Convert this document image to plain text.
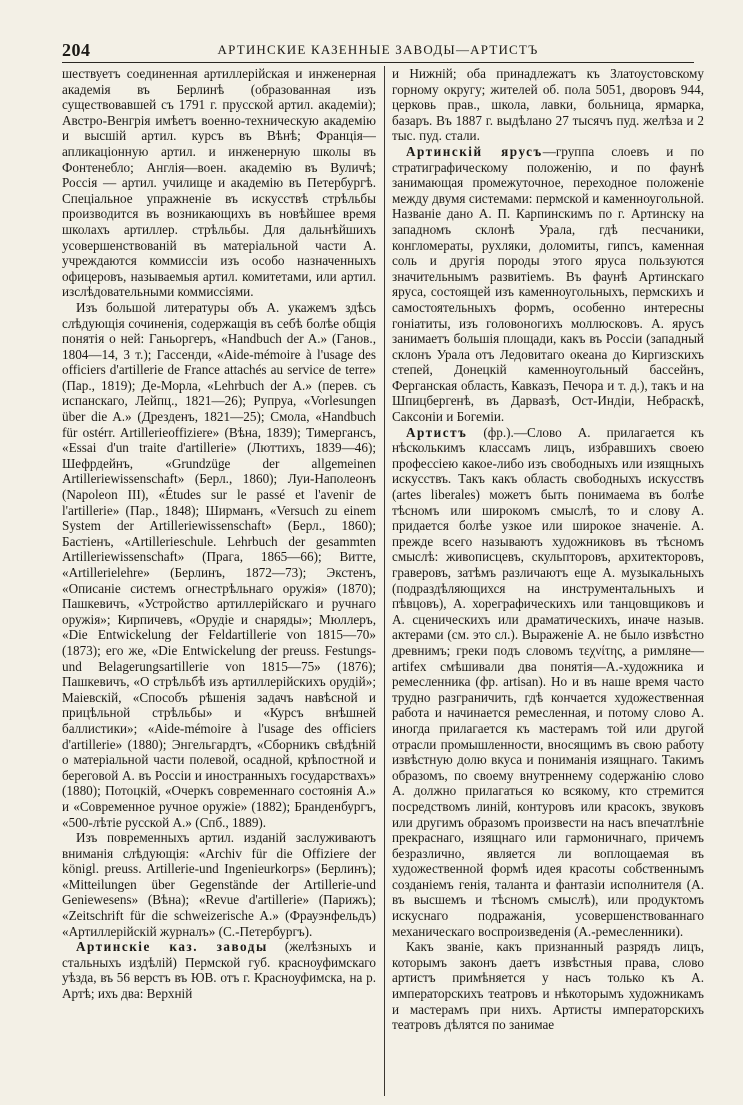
204	АРТИНСКИЕ КАЗЕННЫЕ ЗАВОДЫ—АРТИСТЪ

шествуетъ соединенная артиллерійская и инженерная академія въ Берлинѣ (образованная изъ существовавшей съ 1791 г. прусской артил. академіи); Австро-Венгрія имѣетъ военно-техническую академію и высшій артил. курсъ въ Вѣнѣ; Франція—апликаціонную артил. и инженерную школы въ Фонтенебло; Англія—воен. академію въ Вуличѣ; Россія — артил. училище и академію въ Петербургѣ. Спеціальное упражненіе въ искусствѣ стрѣльбы производится въ возникающихъ въ новѣйшее время школахъ артиллер. стрѣльбы. Для дальнѣйшихъ усовершенствованій въ матеріальной части А. учреждаются коммиссіи изъ особо назначенныхъ офицеровъ, называемыя артил. комитетами, или артил. изслѣдовательными коммиссіями.

Изъ большой литературы объ А. укажемъ здѣсь слѣдующія сочиненія, содержащія въ себѣ болѣе общія понятія о ней: Ганьоргеръ, «Handbuch der A.» (Ганов., 1804—14, 3 т.); Гассенди, «Aide-mémoire à l'usage des officiers d'artillerie de France attachés au service de terre» (Пар., 1819); Де-Морла, «Lehrbuch der A.» (перев. съ испанскаго, Лейпц., 1821—26); Рупруа, «Vorlesungen über die A.» (Дрезденъ, 1821—25); Смола, «Handbuch für ostérr. Artillerieoffiziere» (Вѣна, 1839); Тимергансъ, «Essai d'un traite d'artillerie» (Люттихъ, 1839—46); Шефрдейнъ, «Grundzüge der allgemeinen Artilleriewissenschaft» (Берл., 1860); Луи-Наполеонъ (Napoleon III), «Études sur le passé et l'avenir de l'artillerie» (Пар., 1848); Ширманъ, «Versuch zu einem System der Artilleriewissenschaft» (Берл., 1860); Бастіенъ, «Artillerieschule. Lehrbuch der gesammten Artilleriewissenschaft» (Прага, 1865—66); Витте, «Artillerielehre» (Берлинъ, 1872—73); Экстенъ, «Описаніе системъ огнестрѣльнаго оружія» (1870); Пашкевичъ, «Устройство артиллерійскаго и ручнаго оружія»; Кирпичевъ, «Орудіе и снаряды»; Мюллеръ, «Die Entwickelung der Feldartillerie von 1815—70» (1873); его же, «Die Entwickelung der preuss. Festungs-und Belagerungsartillerie von 1815—75» (1876); Пашкевичъ, «О стрѣльбѣ изъ артиллерійскихъ орудій»; Маіевскій, «Способъ рѣшенія задачъ навѣсной и прицѣльной стрѣльбы» и «Курсъ внѣшней баллистики»; «Aide-mémoire à l'usage des officiers d'artillerie» (1880); Энгельгардтъ, «Сборникъ свѣдѣній о матеріальной части полевой, осадной, крѣпостной и береговой А. въ Россіи и иностранныхъ государствахъ» (1880); Потоцкій, «Очеркъ современнаго состоянія А.» и «Современное ручное оружіе» (1882); Бранденбургъ, «500-лѣтіе русской А.» (Спб., 1889).

Изъ повременныхъ артил. изданій заслуживаютъ вниманія слѣдующія: «Archiv für die Offiziere der königl. preuss. Artillerie-und Ingenieurkorps» (Берлинъ); «Mitteilungen über Gegenstände der Artillerie-und Geniewesens» (Вѣна); «Revue d'artillerie» (Парижъ); «Zeitschrift für die schweizerische A.» (Фрауэнфельдъ) «Артиллерійскій журналъ» (С.-Петербургъ).

Артинскіе каз. заводы (желѣзныхъ и стальныхъ издѣлій) Пермской губ. красноуфимскаго уѣзда, въ 56 верстъ въ ЮВ. отъ г. Красноуфимска, на р. Артѣ; ихъ два: Верхній

и Нижній; оба принадлежатъ къ Златоустовскому горному округу; жителей об. пола 5051, дворовъ 944, церковь прав., школа, лавки, больница, ярмарка, базаръ. Въ 1887 г. выдѣлано 27 тысячъ пуд. желѣза и 2 тыс. пуд. стали.

Артинскій ярусъ—группа слоевъ и по стратиграфическому положенію, и по фаунѣ занимающая промежуточное, переходное положеніе между двумя системами: пермской и каменноугольной. Названіе дано А. П. Карпинскимъ по г. Артинску на западномъ склонѣ Урала, гдѣ песчаники, конгломераты, рухляки, доломиты, гипсъ, каменная соль и другія породы этого яруса пользуются значительнымъ развитіемъ. Въ фаунѣ Артинскаго яруса, состоящей изъ каменноугольныхъ, пермскихъ и самостоятельныхъ формъ, особенно интересны гоніатиты, изъ головоногихъ моллюсковъ. А. ярусъ занимаетъ большія площади, какъ въ Россіи (западный склонъ Урала отъ Ледовитаго океана до Киргизскихъ степей, Донецкій каменноугольный бассейнъ, Ферганская область, Кавказъ, Печора и т. д.), такъ и на Шпицбергенѣ, въ Дарвазѣ, Ост-Индіи, Небраскѣ, Саксоніи и Богеміи.

Артистъ (фр.).—Слово А. прилагается къ нѣсколькимъ классамъ лицъ, избравшихъ своею профессіею какое-либо изъ свободныхъ или изящныхъ искусствъ. Такъ какъ область свободныхъ искусствъ (artes liberales) можетъ быть понимаема въ болѣе тѣсномъ или широкомъ смыслѣ, то и слову А. придается болѣе узкое или широкое значеніе. А. прежде всего называютъ художниковъ въ тѣсномъ смыслѣ: живописцевъ, скульпторовъ, архитекторовъ, граверовъ, затѣмъ различаютъ еще А. музыкальныхъ (подраздѣляющихся на инструментальныхъ и пѣвцовъ), А. хореграфическихъ или танцовщиковъ и А. сценическихъ или драматическихъ, иначе назыв. актерами (см. это сл.). Выраженіе А. не было извѣстно древнимъ; греки подъ словомъ τεχνίτης, а римляне—artifex смѣшивали два понятія—А.-художника и ремесленника (фр. artisan). Но и въ наше время часто трудно разграничить, гдѣ кончается художественная работа и начинается ремесленная, и потому слово А. иногда прилагается къ мастерамъ той или другой отрасли промышленности, вносящимъ въ свою работу извѣстную долю вкуса и пониманія изящнаго. Такимъ образомъ, по своему внутреннему содержанію слово А. должно прилагаться ко всякому, кто стремится посредствомъ линій, контуровъ или красокъ, звуковъ или другимъ образомъ произвести на насъ впечатлѣніе прекраснаго, изящнаго или гармоничнаго, причемъ безразлично, является ли воплощаемая въ художественной формѣ идея красоты собственнымъ созданіемъ генія, таланта и фантазіи исполнителя (А. въ высшемъ и тѣсномъ смыслѣ), или продуктомъ искуснаго подражанія, усовершенствованнаго механическаго воспроизведенія (А.-ремесленники).

Какъ званіе, какъ признанный разрядъ лицъ, которымъ законъ даетъ извѣстныя права, слово артистъ примѣняется у насъ только къ А. императорскихъ театровъ и нѣкоторымъ художникамъ и мастерамъ при нихъ. Артисты императорскихъ театровъ дѣлятся по занимае
